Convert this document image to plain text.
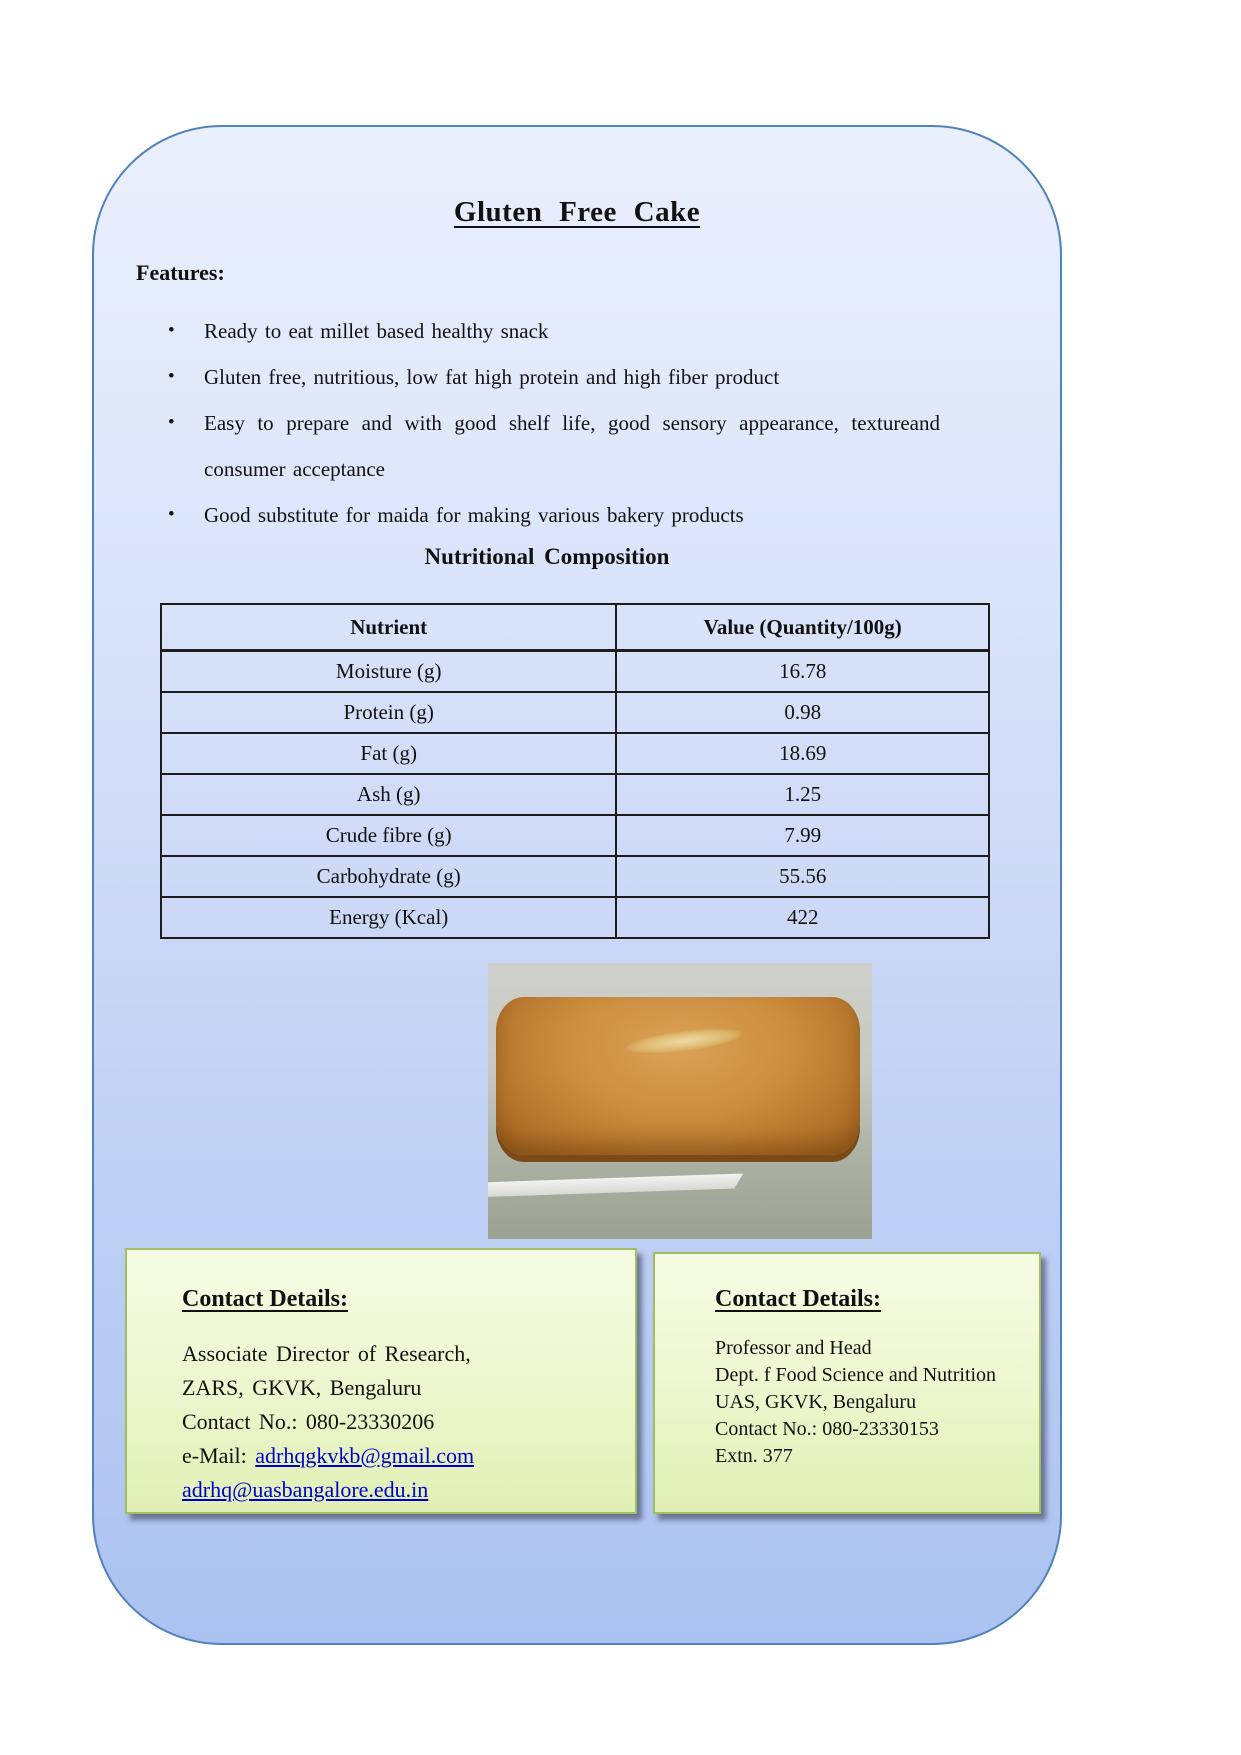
Gluten Free Cake
Features:
•	Ready to eat millet based healthy snack
•	Gluten free, nutritious, low fat high protein and high fiber product
•	Easy to prepare and with good shelf life, good sensory appearance, textureand consumer acceptance
•	Good substitute for maida for making various bakery products
Nutritional Composition
Nutrient	Value (Quantity/100g)
Moisture (g)	16.78
Protein (g)	0.98
Fat (g)	18.69
Ash (g)	1.25
Crude fibre (g)	7.99
Carbohydrate (g)	55.56
Energy (Kcal)	422
Contact Details:
Associate Director of Research,
ZARS, GKVK, Bengaluru
Contact No.: 080-23330206
e-Mail: adrhqgkvkb@gmail.com
adrhq@uasbangalore.edu.in
Contact Details:
Professor and Head
Dept. f Food Science and Nutrition
UAS, GKVK, Bengaluru
Contact No.: 080-23330153
Extn. 377
